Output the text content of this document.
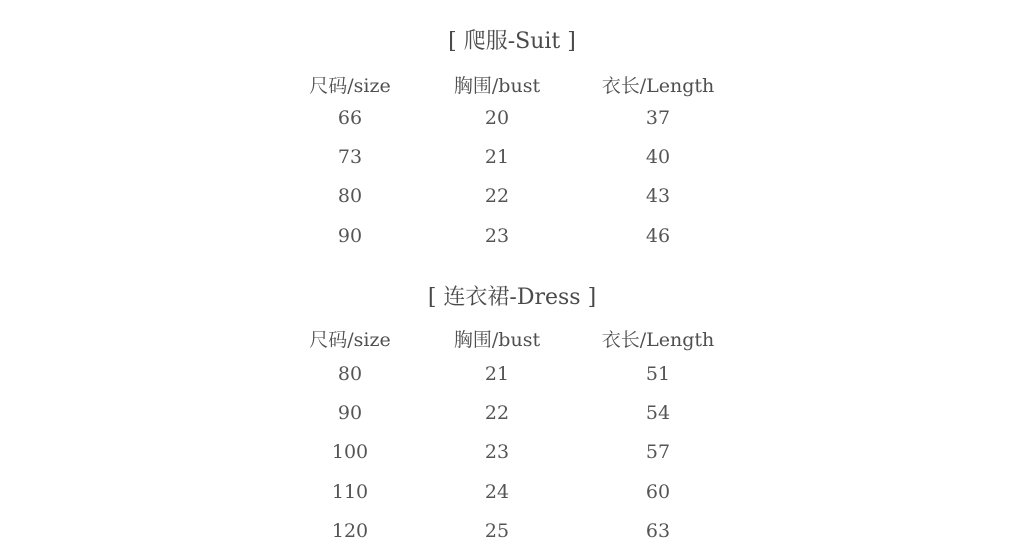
[ 爬服-Suit ]
尺码/size	胸围/bust	衣长/Length
66	20	37
73	21	40
80	22	43
90	23	46
[ 连衣裙-Dress ]
尺码/size	胸围/bust	衣长/Length
80	21	51
90	22	54
100	23	57
110	24	60
120	25	63
